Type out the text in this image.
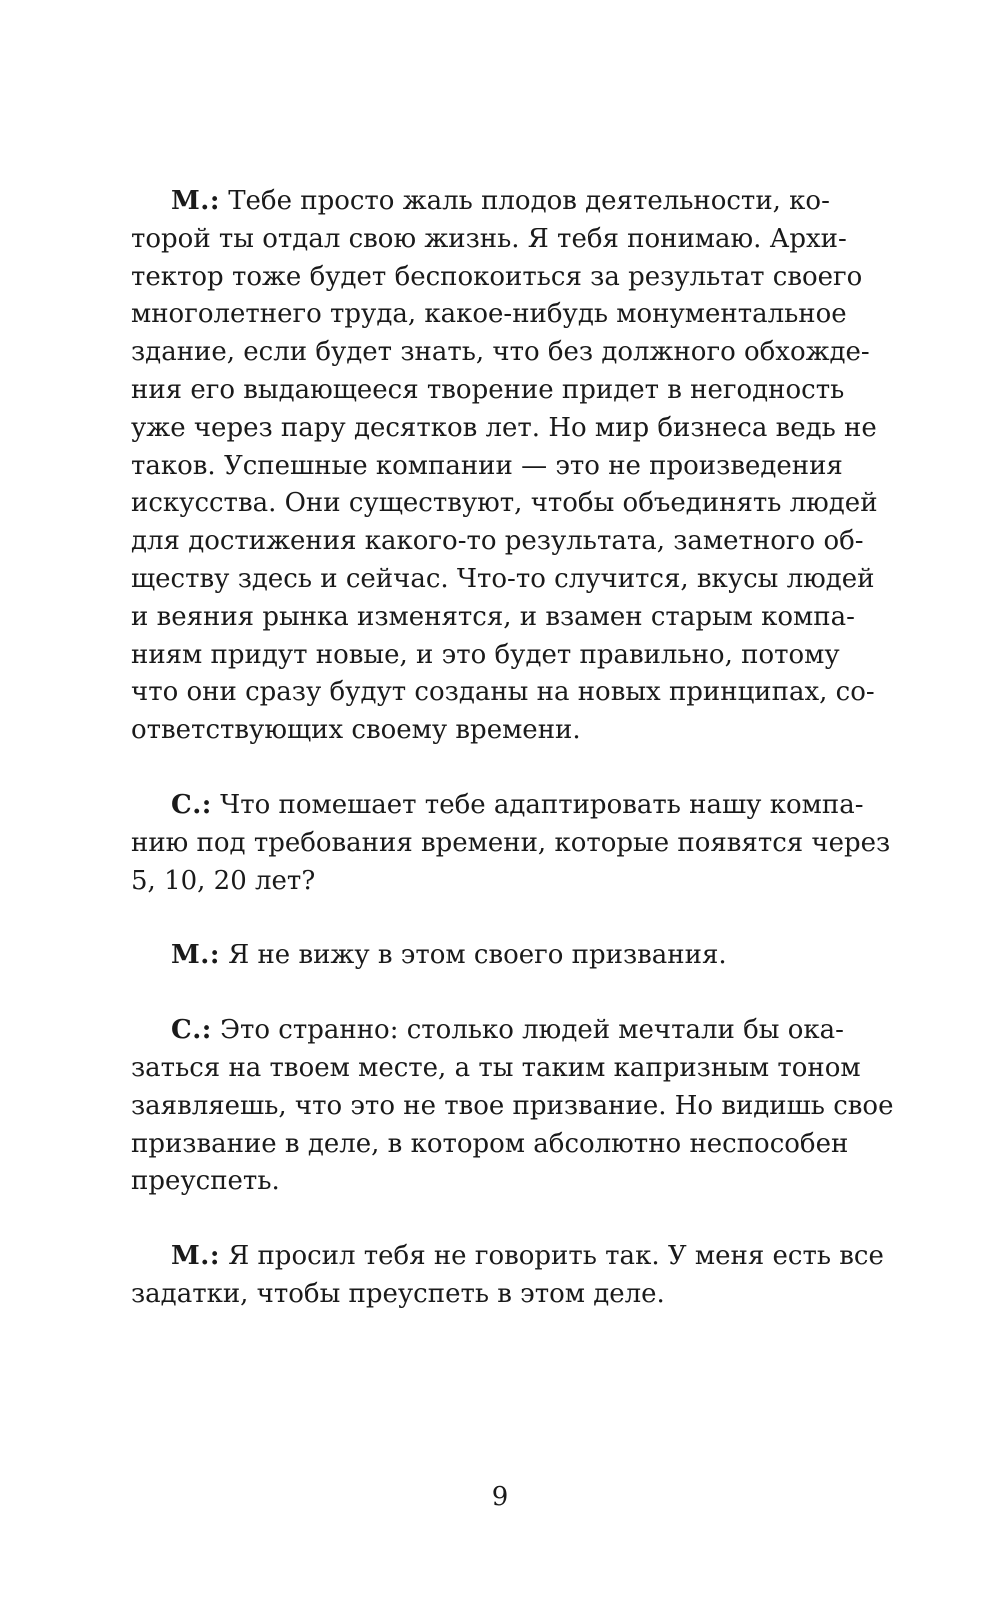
М.: Тебе просто жаль плодов деятельности, ко-
торой ты отдал свою жизнь. Я тебя понимаю. Архи-
тектор тоже будет беспокоиться за результат своего
многолетнего труда, какое-нибудь монументальное
здание, если будет знать, что без должного обхожде-
ния его выдающееся творение придет в негодность
уже через пару десятков лет. Но мир бизнеса ведь не
таков. Успешные компании — это не произведения
искусства. Они существуют, чтобы объединять людей
для достижения какого-то результата, заметного об-
ществу здесь и сейчас. Что-то случится, вкусы людей
и веяния рынка изменятся, и взамен старым компа-
ниям придут новые, и это будет правильно, потому
что они сразу будут созданы на новых принципах, со-
ответствующих своему времени.

С.: Что помешает тебе адаптировать нашу компа-
нию под требования времени, которые появятся через
5, 10, 20 лет?

М.: Я не вижу в этом своего призвания.

С.: Это странно: столько людей мечтали бы ока-
заться на твоем месте, а ты таким капризным тоном
заявляешь, что это не твое призвание. Но видишь свое
призвание в деле, в котором абсолютно неспособен
преуспеть.

М.: Я просил тебя не говорить так. У меня есть все
задатки, чтобы преуспеть в этом деле.

9
